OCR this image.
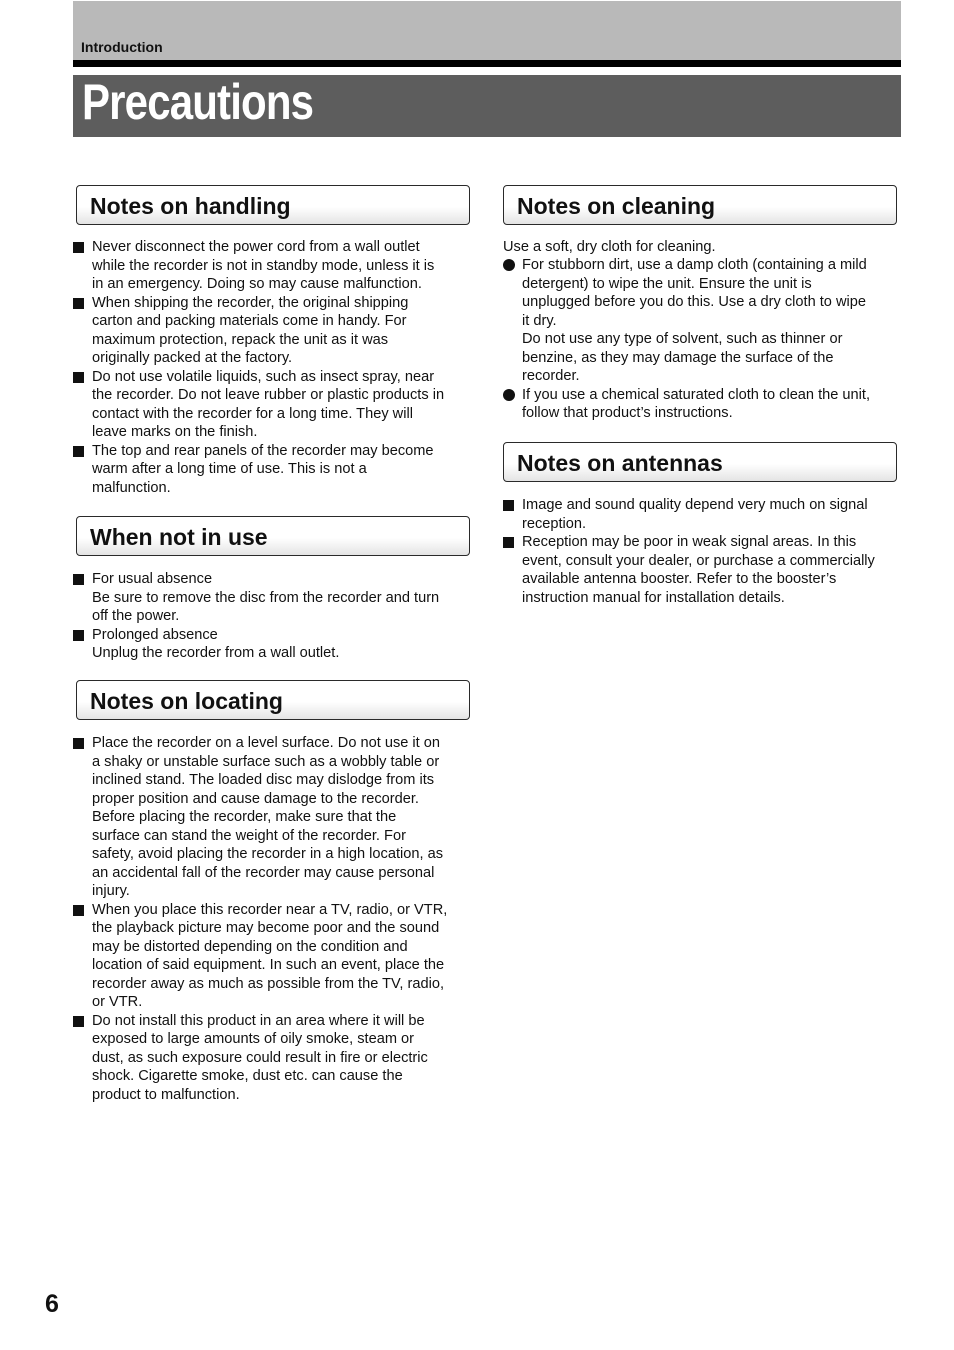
Introduction
Precautions
Notes on handling
Never disconnect the power cord from a wall outlet
while the recorder is not in standby mode, unless it is
in an emergency. Doing so may cause malfunction.
When shipping the recorder, the original shipping
carton and packing materials come in handy. For
maximum protection, repack the unit as it was
originally packed at the factory.
Do not use volatile liquids, such as insect spray, near
the recorder. Do not leave rubber or plastic products in
contact with the recorder for a long time. They will
leave marks on the finish.
The top and rear panels of the recorder may become
warm after a long time of use. This is not a
malfunction.
When not in use
For usual absence
Be sure to remove the disc from the recorder and turn
off the power.
Prolonged absence
Unplug the recorder from a wall outlet.
Notes on locating
Place the recorder on a level surface. Do not use it on
a shaky or unstable surface such as a wobbly table or
inclined stand. The loaded disc may dislodge from its
proper position and cause damage to the recorder.
Before placing the recorder, make sure that the
surface can stand the weight of the recorder. For
safety, avoid placing the recorder in a high location, as
an accidental fall of the recorder may cause personal
injury.
When you place this recorder near a TV, radio, or VTR,
the playback picture may become poor and the sound
may be distorted depending on the condition and
location of said equipment. In such an event, place the
recorder away as much as possible from the TV, radio,
or VTR.
Do not install this product in an area where it will be
exposed to large amounts of oily smoke, steam or
dust, as such exposure could result in fire or electric
shock. Cigarette smoke, dust etc. can cause the
product to malfunction.
Notes on cleaning
Use a soft, dry cloth for cleaning.
For stubborn dirt, use a damp cloth (containing a mild
detergent) to wipe the unit. Ensure the unit is
unplugged before you do this. Use a dry cloth to wipe
it dry.
Do not use any type of solvent, such as thinner or
benzine, as they may damage the surface of the
recorder.
If you use a chemical saturated cloth to clean the unit,
follow that product’s instructions.
Notes on antennas
Image and sound quality depend very much on signal
reception.
Reception may be poor in weak signal areas. In this
event, consult your dealer, or purchase a commercially
available antenna booster. Refer to the booster’s
instruction manual for installation details.
6
